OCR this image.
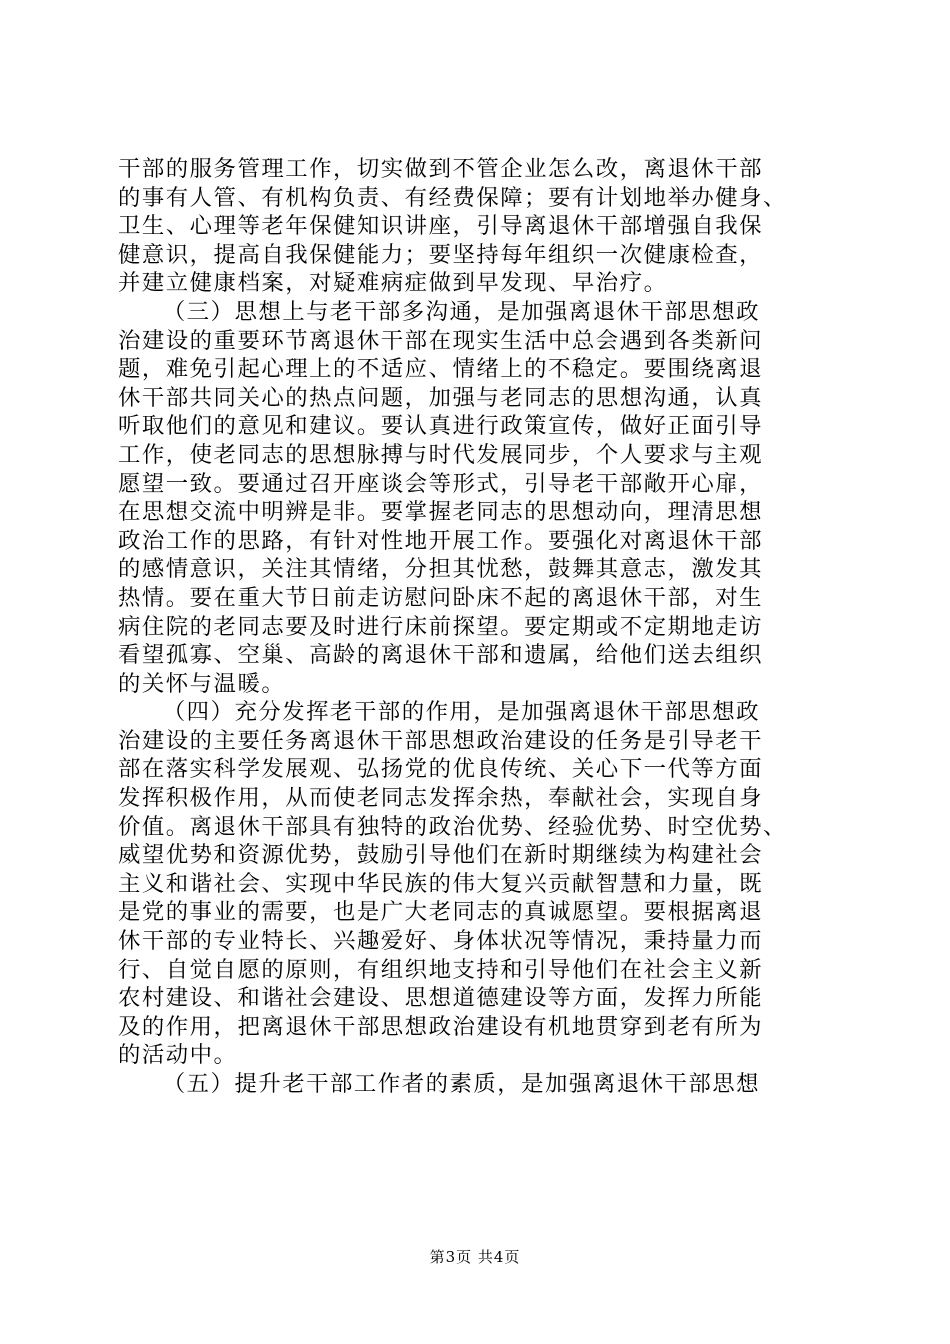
干部的服务管理工作，切实做到不管企业怎么改，离退休干部
的事有人管、有机构负责、有经费保障；要有计划地举办健身、
卫生、心理等老年保健知识讲座，引导离退休干部增强自我保
健意识，提高自我保健能力；要坚持每年组织一次健康检查，
并建立健康档案，对疑难病症做到早发现、早治疗。
（三）思想上与老干部多沟通，是加强离退休干部思想政
治建设的重要环节离退休干部在现实生活中总会遇到各类新问
题，难免引起心理上的不适应、情绪上的不稳定。要围绕离退
休干部共同关心的热点问题，加强与老同志的思想沟通，认真
听取他们的意见和建议。要认真进行政策宣传，做好正面引导
工作，使老同志的思想脉搏与时代发展同步，个人要求与主观
愿望一致。要通过召开座谈会等形式，引导老干部敞开心扉，
在思想交流中明辨是非。要掌握老同志的思想动向，理清思想
政治工作的思路，有针对性地开展工作。要强化对离退休干部
的感情意识，关注其情绪，分担其忧愁，鼓舞其意志，激发其
热情。要在重大节日前走访慰问卧床不起的离退休干部，对生
病住院的老同志要及时进行床前探望。要定期或不定期地走访
看望孤寡、空巢、高龄的离退休干部和遗属，给他们送去组织
的关怀与温暖。
（四）充分发挥老干部的作用，是加强离退休干部思想政
治建设的主要任务离退休干部思想政治建设的任务是引导老干
部在落实科学发展观、弘扬党的优良传统、关心下一代等方面
发挥积极作用，从而使老同志发挥余热，奉献社会，实现自身
价值。离退休干部具有独特的政治优势、经验优势、时空优势、
威望优势和资源优势，鼓励引导他们在新时期继续为构建社会
主义和谐社会、实现中华民族的伟大复兴贡献智慧和力量，既
是党的事业的需要，也是广大老同志的真诚愿望。要根据离退
休干部的专业特长、兴趣爱好、身体状况等情况，秉持量力而
行、自觉自愿的原则，有组织地支持和引导他们在社会主义新
农村建设、和谐社会建设、思想道德建设等方面，发挥力所能
及的作用，把离退休干部思想政治建设有机地贯穿到老有所为
的活动中。
（五）提升老干部工作者的素质，是加强离退休干部思想
第3页 共4页
